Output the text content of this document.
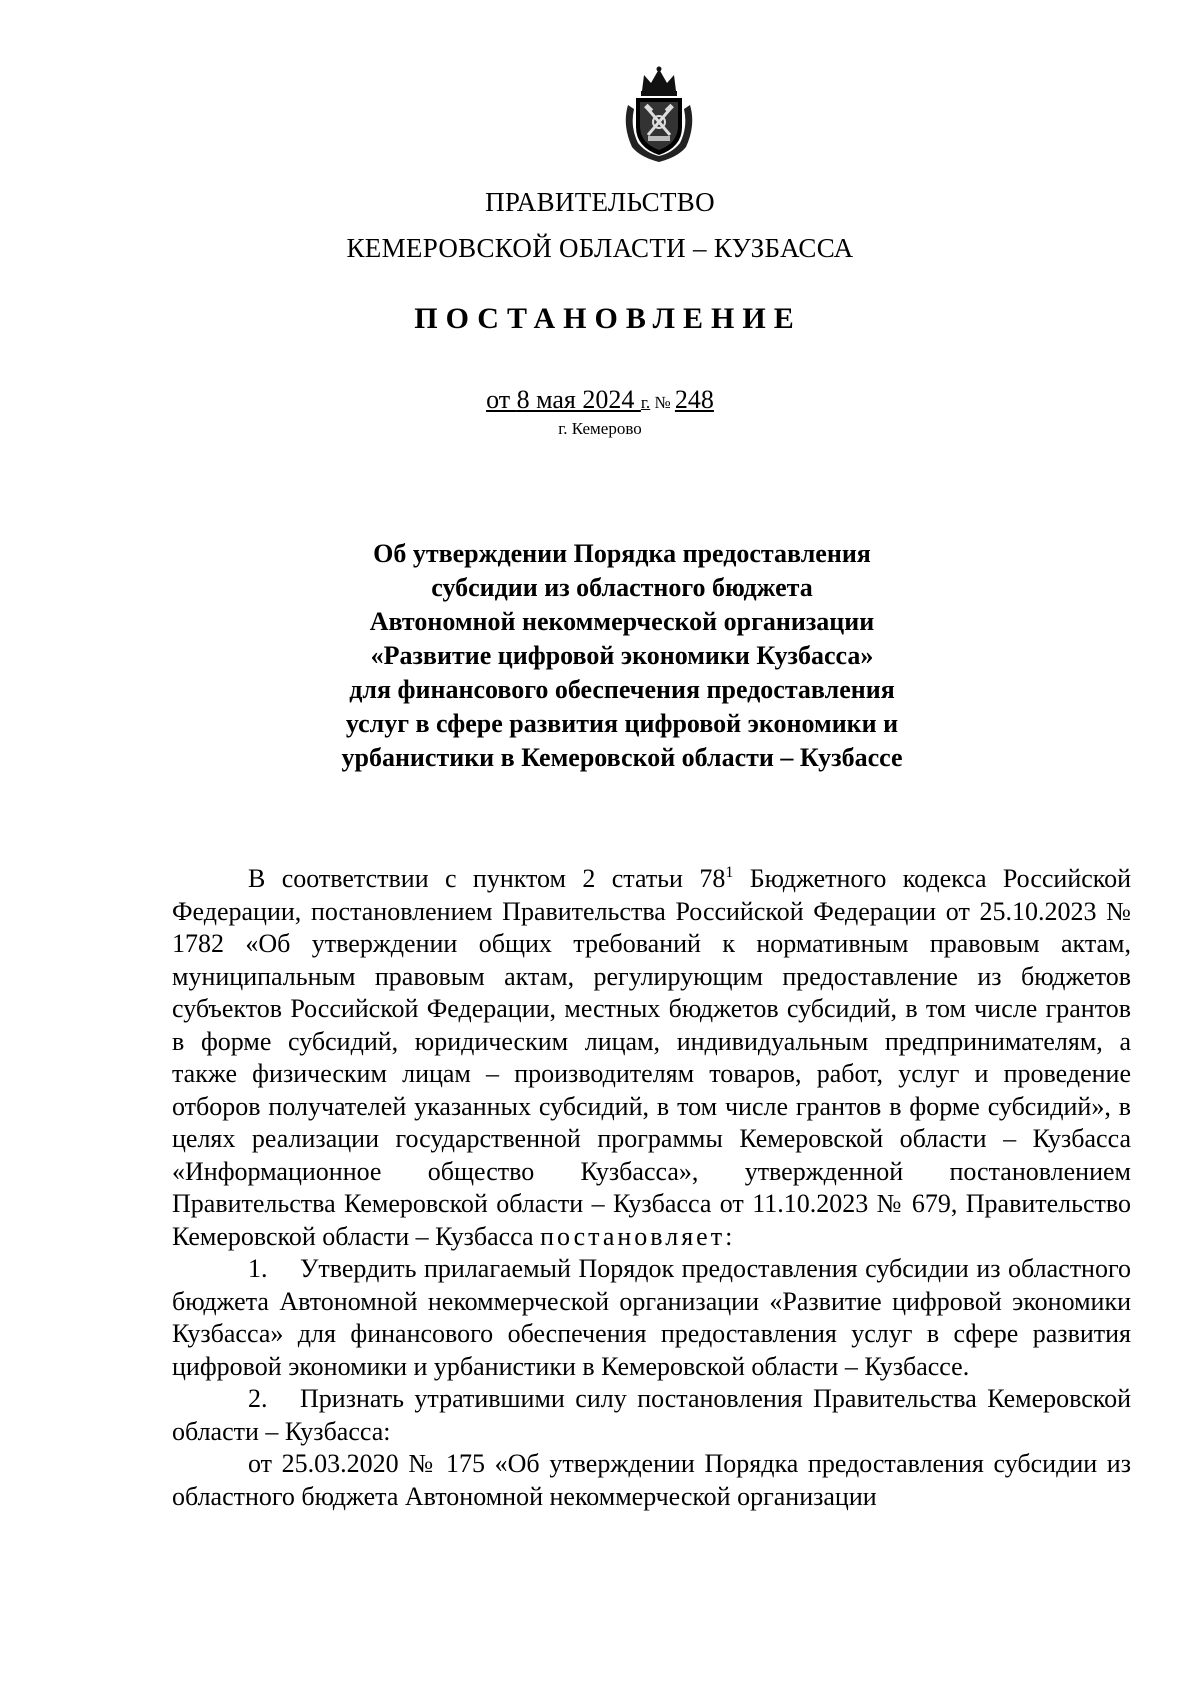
ПРАВИТЕЛЬСТВО
КЕМЕРОВСКОЙ ОБЛАСТИ – КУЗБАССА
ПОСТАНОВЛЕНИЕ
от 8 мая 2024 г. № 248
г. Кемерово
Об утверждении Порядка предоставления
субсидии из областного бюджета
Автономной некоммерческой организации
«Развитие цифровой экономики Кузбасса»
для финансового обеспечения предоставления
услуг в сфере развития цифровой экономики и
урбанистики в Кемеровской области – Кузбассе

В соответствии с пунктом 2 статьи $78^1$ Бюджетного кодекса Российской Федерации, постановлением Правительства Российской Федерации от 25.10.2023 № 1782 «Об утверждении общих требований к нормативным правовым актам, муниципальным правовым актам, регулирующим предоставление из бюджетов субъектов Российской Федерации, местных бюджетов субсидий, в том числе грантов в форме субсидий, юридическим лицам, индивидуальным предпринимателям, а также физическим лицам – производителям товаров, работ, услуг и проведение отборов получателей указанных субсидий, в том числе грантов в форме субсидий», в целях реализации государственной программы Кемеровской области – Кузбасса «Информационное общество Кузбасса», утвержденной постановлением Правительства Кемеровской области – Кузбасса от 11.10.2023 № 679, Правительство Кемеровской области – Кузбасса постановляет:

1. Утвердить прилагаемый Порядок предоставления субсидии из областного бюджета Автономной некоммерческой организации «Развитие цифровой экономики Кузбасса» для финансового обеспечения предоставления услуг в сфере развития цифровой экономики и урбанистики в Кемеровской области – Кузбассе.

2. Признать утратившими силу постановления Правительства Кемеровской области – Кузбасса:

от 25.03.2020 № 175 «Об утверждении Порядка предоставления субсидии из областного бюджета Автономной некоммерческой организации
